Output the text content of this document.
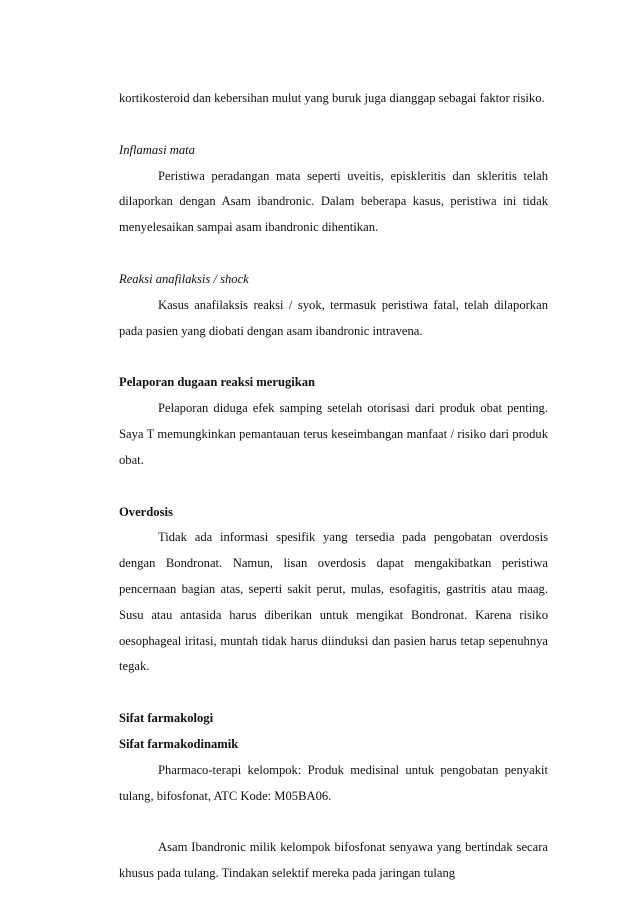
kortikosteroid dan kebersihan mulut yang buruk juga dianggap sebagai faktor risiko.

Inflamasi mata

Peristiwa peradangan mata seperti uveitis, episkleritis dan skleritis telah dilaporkan dengan Asam ibandronic. Dalam beberapa kasus, peristiwa ini tidak menyelesaikan sampai asam ibandronic dihentikan.

Reaksi anafilaksis / shock

Kasus anafilaksis reaksi / syok, termasuk peristiwa fatal, telah dilaporkan pada pasien yang diobati dengan asam ibandronic intravena.

Pelaporan dugaan reaksi merugikan

Pelaporan diduga efek samping setelah otorisasi dari produk obat penting. Saya T memungkinkan pemantauan terus keseimbangan manfaat / risiko dari produk obat.

Overdosis

Tidak ada informasi spesifik yang tersedia pada pengobatan overdosis dengan Bondronat. Namun, lisan overdosis dapat mengakibatkan peristiwa pencernaan bagian atas, seperti sakit perut, mulas, esofagitis, gastritis atau maag. Susu atau antasida harus diberikan untuk mengikat Bondronat. Karena risiko oesophageal iritasi, muntah tidak harus diinduksi dan pasien harus tetap sepenuhnya tegak.

Sifat farmakologi

Sifat farmakodinamik

Pharmaco-terapi kelompok: Produk medisinal untuk pengobatan penyakit tulang, bifosfonat, ATC Kode: M05BA06.

Asam Ibandronic milik kelompok bifosfonat senyawa yang bertindak secara khusus pada tulang. Tindakan selektif mereka pada jaringan tulang
